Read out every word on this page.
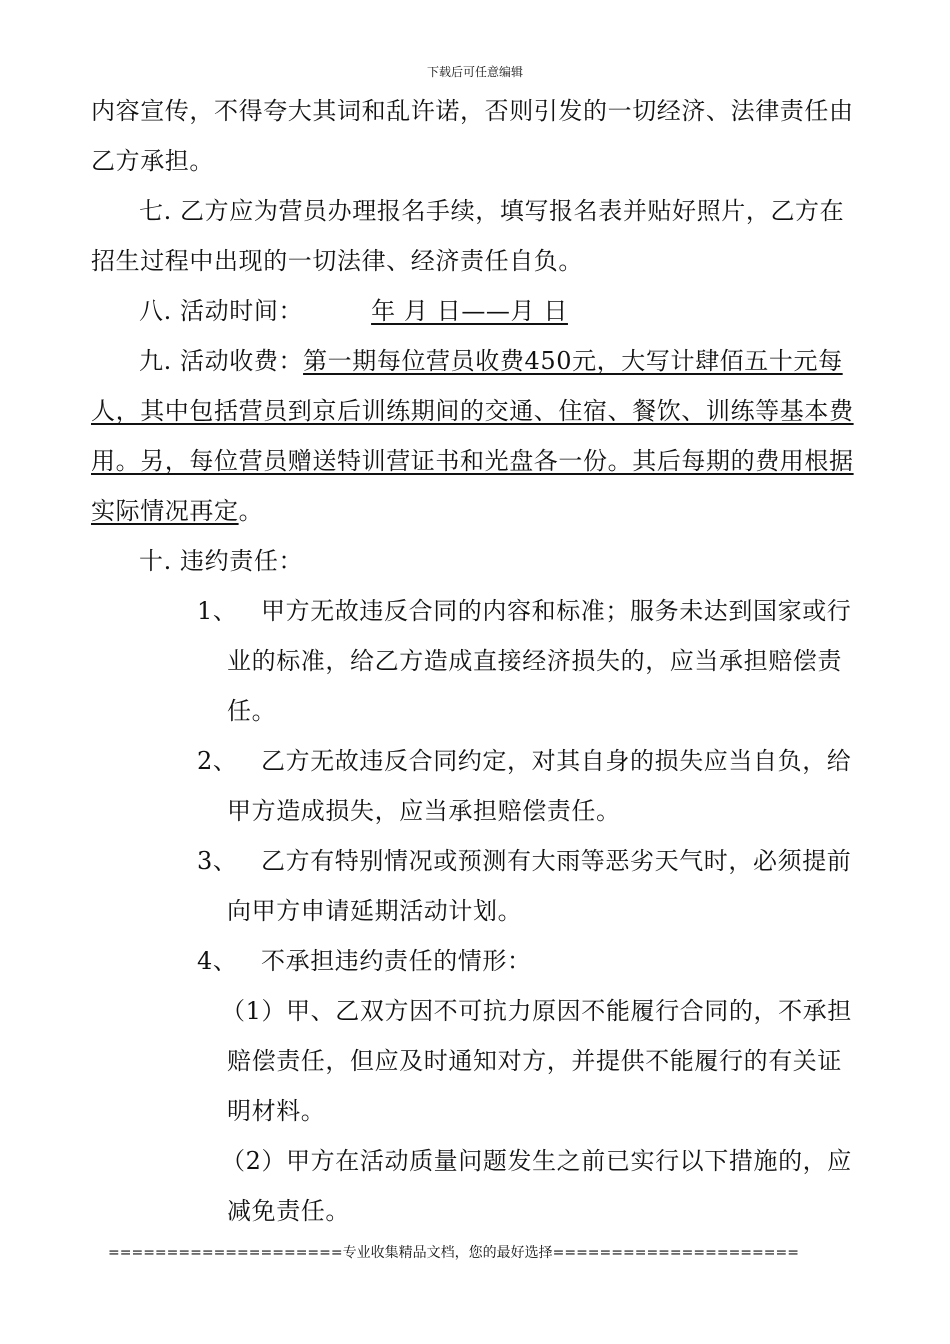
下载后可任意编辑

内容宣传，不得夸大其词和乱许诺，否则引发的一切经济、法律责任由乙方承担。

七. 乙方应为营员办理报名手续，填写报名表并贴好照片，乙方在招生过程中出现的一切法律、经济责任自负。

八. 活动时间：	年 月 日——月 日

九. 活动收费：第一期每位营员收费450元，大写计肆佰五十元每人，其中包括营员到京后训练期间的交通、住宿、餐饮、训练等基本费用。另，每位营员赠送特训营证书和光盘各一份。其后每期的费用根据实际情况再定。

十. 违约责任：

1、 甲方无故违反合同的内容和标准；服务未达到国家或行业的标准，给乙方造成直接经济损失的，应当承担赔偿责任。

2、 乙方无故违反合同约定，对其自身的损失应当自负，给甲方造成损失，应当承担赔偿责任。

3、 乙方有特别情况或预测有大雨等恶劣天气时，必须提前向甲方申请延期活动计划。

4、 不承担违约责任的情形：

（1）甲、乙双方因不可抗力原因不能履行合同的，不承担赔偿责任，但应及时通知对方，并提供不能履行的有关证明材料。

（2）甲方在活动质量问题发生之前已实行以下措施的，应减免责任。

====================专业收集精品文档，您的最好选择=====================
